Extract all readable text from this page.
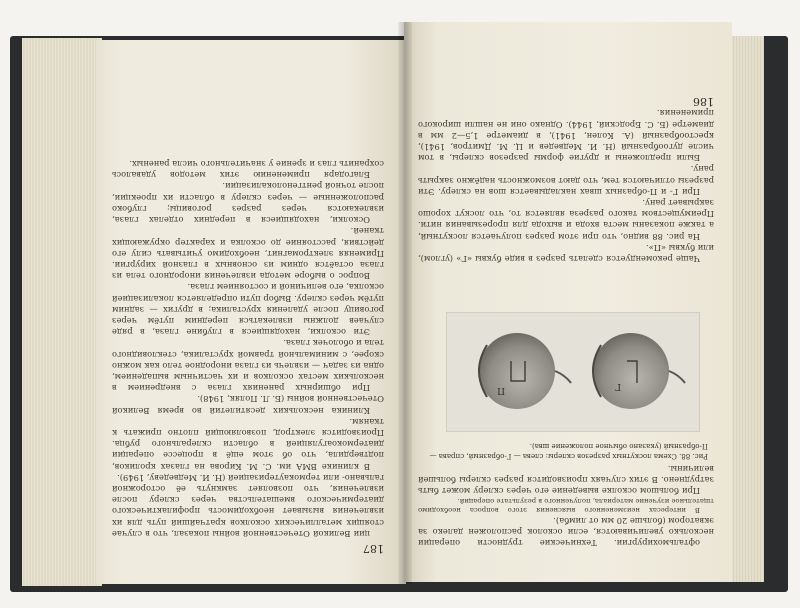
187

ции Великой Отечественной войны показал, что в случае стоящих металлических осколков кратчайший путь для их извлечения вызывает необходимость профилактического диатермического вмешательства через склеру после извлечения, что позволяет замкнуть её осторожной гальвано- или термокаутеризацией (Н. И. Медведеву, 1949).

В клинике ВМА им. С. М. Кирова на глазах кроликов, подтвердила, что об этом ещё в процессе операции диатермокоагуляцией в области склерального рубца. Производится электрод, позволяющий плотно прижать к тканям.

Клиника нескольких десятилетий во время Великой Отечественной войны (Б. Л. Поляк, 1948).

При обширных ранениях глаза с внедрением в нескольких местах осколков и их частичным выпадением, одна из задач — извлечь из глаза инородное тело как можно скорее, с минимальной травмой хрусталика, стекловидного тела и оболочек глаза.

Эти осколки, находящиеся в глубине глаза, в ряде случаев должны извлекаться передним путём через роговицу после удаления хрусталика; в других — задним путём через склеру. Выбор пути определяется локализацией осколка, его величиной и состоянием глаза.

Вопрос о выборе метода извлечения инородного тела из глаза остаётся одним из основных в глазной хирургии. Применяя электромагнит, необходимо учитывать силу его действия, расстояние до осколка и характер окружающих тканей.

Осколки, находящиеся в передних отделах глаза, извлекаются через разрез роговицы; глубоко расположенные — через склеру в области их проекции, после точной рентгенолокализации.

Благодаря применению этих методов удавалось сохранить глаз и зрение у значительного числа раненых.

офтальмохирургии. Технические трудности операции несколько увеличиваются, если осколок расположен далеко за экватором (больше 20 мм от лимба).

В интересах неизмененного выяснения этого вопроса необходимо тщательное изучение материала, полученного в результате операций.

При большом осколке выведение его через склеру может быть затруднено. В этих случаях производится разрез склеры большей величины.

Рис. 88. Схема лоскутных разрезов склеры: слева — Г-образный, справа — П-образный (указано обычное положение шва).
Г
П

Чаще рекомендуется сделать разрез в виде буквы «Г» (углом), или буквы «П».

На рис. 88 видно, что при этом разрез получается лоскутный, а также показаны места входа и выхода для прорезывания нити. Преимуществом такого разреза является то, что лоскут хорошо закрывает рану.

При Г- и П-образных швах накладывается шов на склеру. Эти разрезы отличаются тем, что дают возможность надёжно закрыть рану.

Были предложены и другие формы разрезов склеры, в том числе дугообразный (Н. И. Медведев и Ц. М. Дмитров, 1941), крестообразный (А. Колен, 1941), в диаметре 1,5—2 мм в диаметре (Б. С. Бродский, 1944). Однако они не нашли широкого применения.

186
